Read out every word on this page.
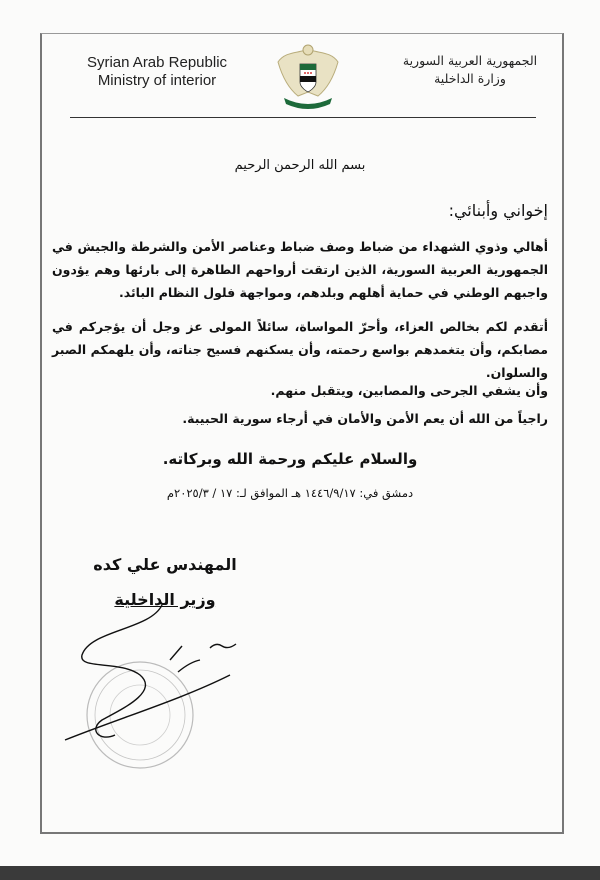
Syrian Arab Republic
Ministry of interior
الجمهورية العربية السورية
وزارة الداخلية
بسم الله الرحمن الرحيم
إخواني وأبنائي:
أهالي وذوي الشهداء من ضباط وصف ضباط وعناصر الأمن والشرطة والجيش في الجمهورية العربية السورية، الذين ارتقت أرواحهم الطاهرة إلى بارئها وهم يؤدون واجبهم الوطني في حماية أهلهم وبلدهم، ومواجهة فلول النظام البائد.
أتقدم لكم بخالص العزاء، وأحرّ المواساة، سائلاً المولى عز وجل أن يؤجركم في مصابكم، وأن يتغمدهم بواسع رحمته، وأن يسكنهم فسيح جناته، وأن يلهمكم الصبر والسلوان.
وأن يشفي الجرحى والمصابين، ويتقبل منهم.
راجياً من الله أن يعم الأمن والأمان في أرجاء سورية الحبيبة.
والسلام عليكم ورحمة الله وبركاته.
دمشق في: ١٤٤٦/٩/١٧ هـ الموافق لـ: ١٧ / ٢٠٢٥/٣م
المهندس علي كده
وزير الداخلية
